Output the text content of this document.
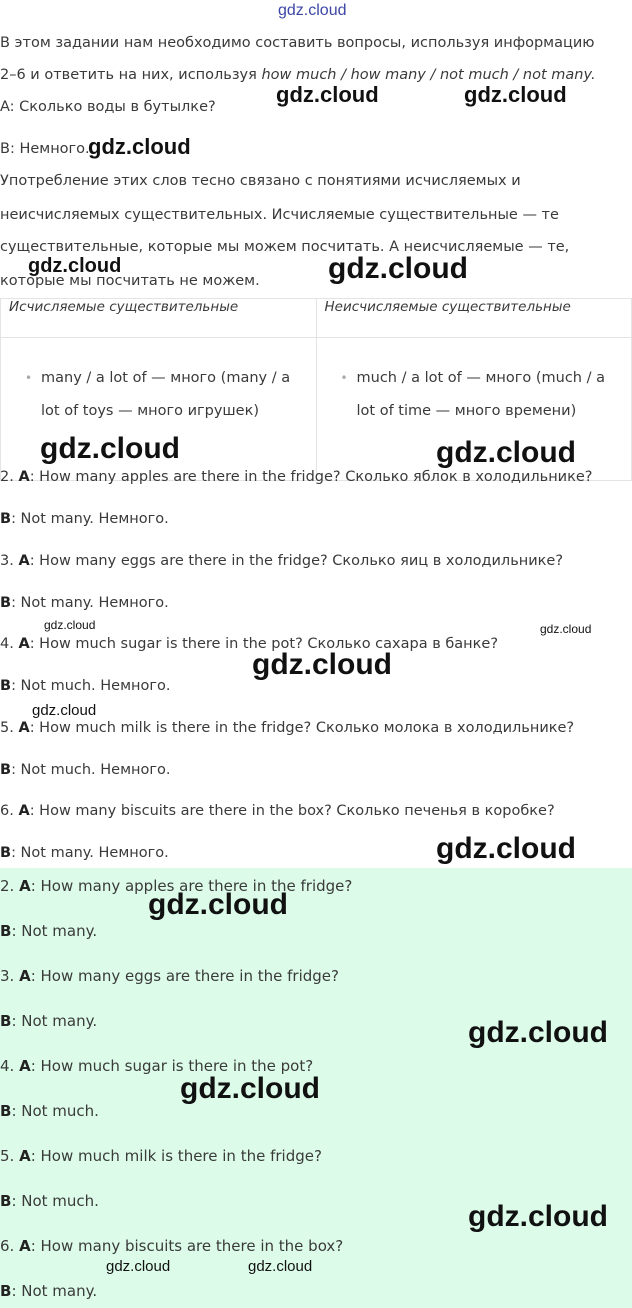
gdz.cloud
В этом задании нам необходимо составить вопросы, используя информацию
2–6 и ответить на них, используя how much / how many / not much / not many.
A: Сколько воды в бутылке?
B: Немного.
Употребление этих слов тесно связано с понятиями исчисляемых и
неисчисляемых существительных. Исчисляемые существительные — те
существительные, которые мы можем посчитать. А неисчисляемые — те,
которые мы посчитать не можем.
Исчисляемые существительные	Неисчисляемые существительные

• many / a lot of — много (many / a lot of toys — много игрушек)	• much / a lot of — много (much / a lot of time — много времени)
2. A: How many apples are there in the fridge? Сколько яблок в холодильнике?
B: Not many. Немного.
3. A: How many eggs are there in the fridge? Сколько яиц в холодильнике?
B: Not many. Немного.
4. A: How much sugar is there in the pot? Сколько сахара в банке?
B: Not much. Немного.
5. A: How much milk is there in the fridge? Сколько молока в холодильнике?
B: Not much. Немного.
6. A: How many biscuits are there in the box? Сколько печенья в коробке?
B: Not many. Немного.
2. A: How many apples are there in the fridge?
B: Not many.
3. A: How many eggs are there in the fridge?
B: Not many.
4. A: How much sugar is there in the pot?
B: Not much.
5. A: How much milk is there in the fridge?
B: Not much.
6. A: How many biscuits are there in the box?
B: Not many.
gdz.cloud	gdz.cloud
gdz.cloud
gdz.cloud	gdz.cloud
gdz.cloud	gdz.cloud
gdz.cloud	gdz.cloud
gdz.cloud
gdz.cloud
gdz.cloud
gdz.cloud
gdz.cloud
gdz.cloud
gdz.cloud
gdz.cloud	gdz.cloud
